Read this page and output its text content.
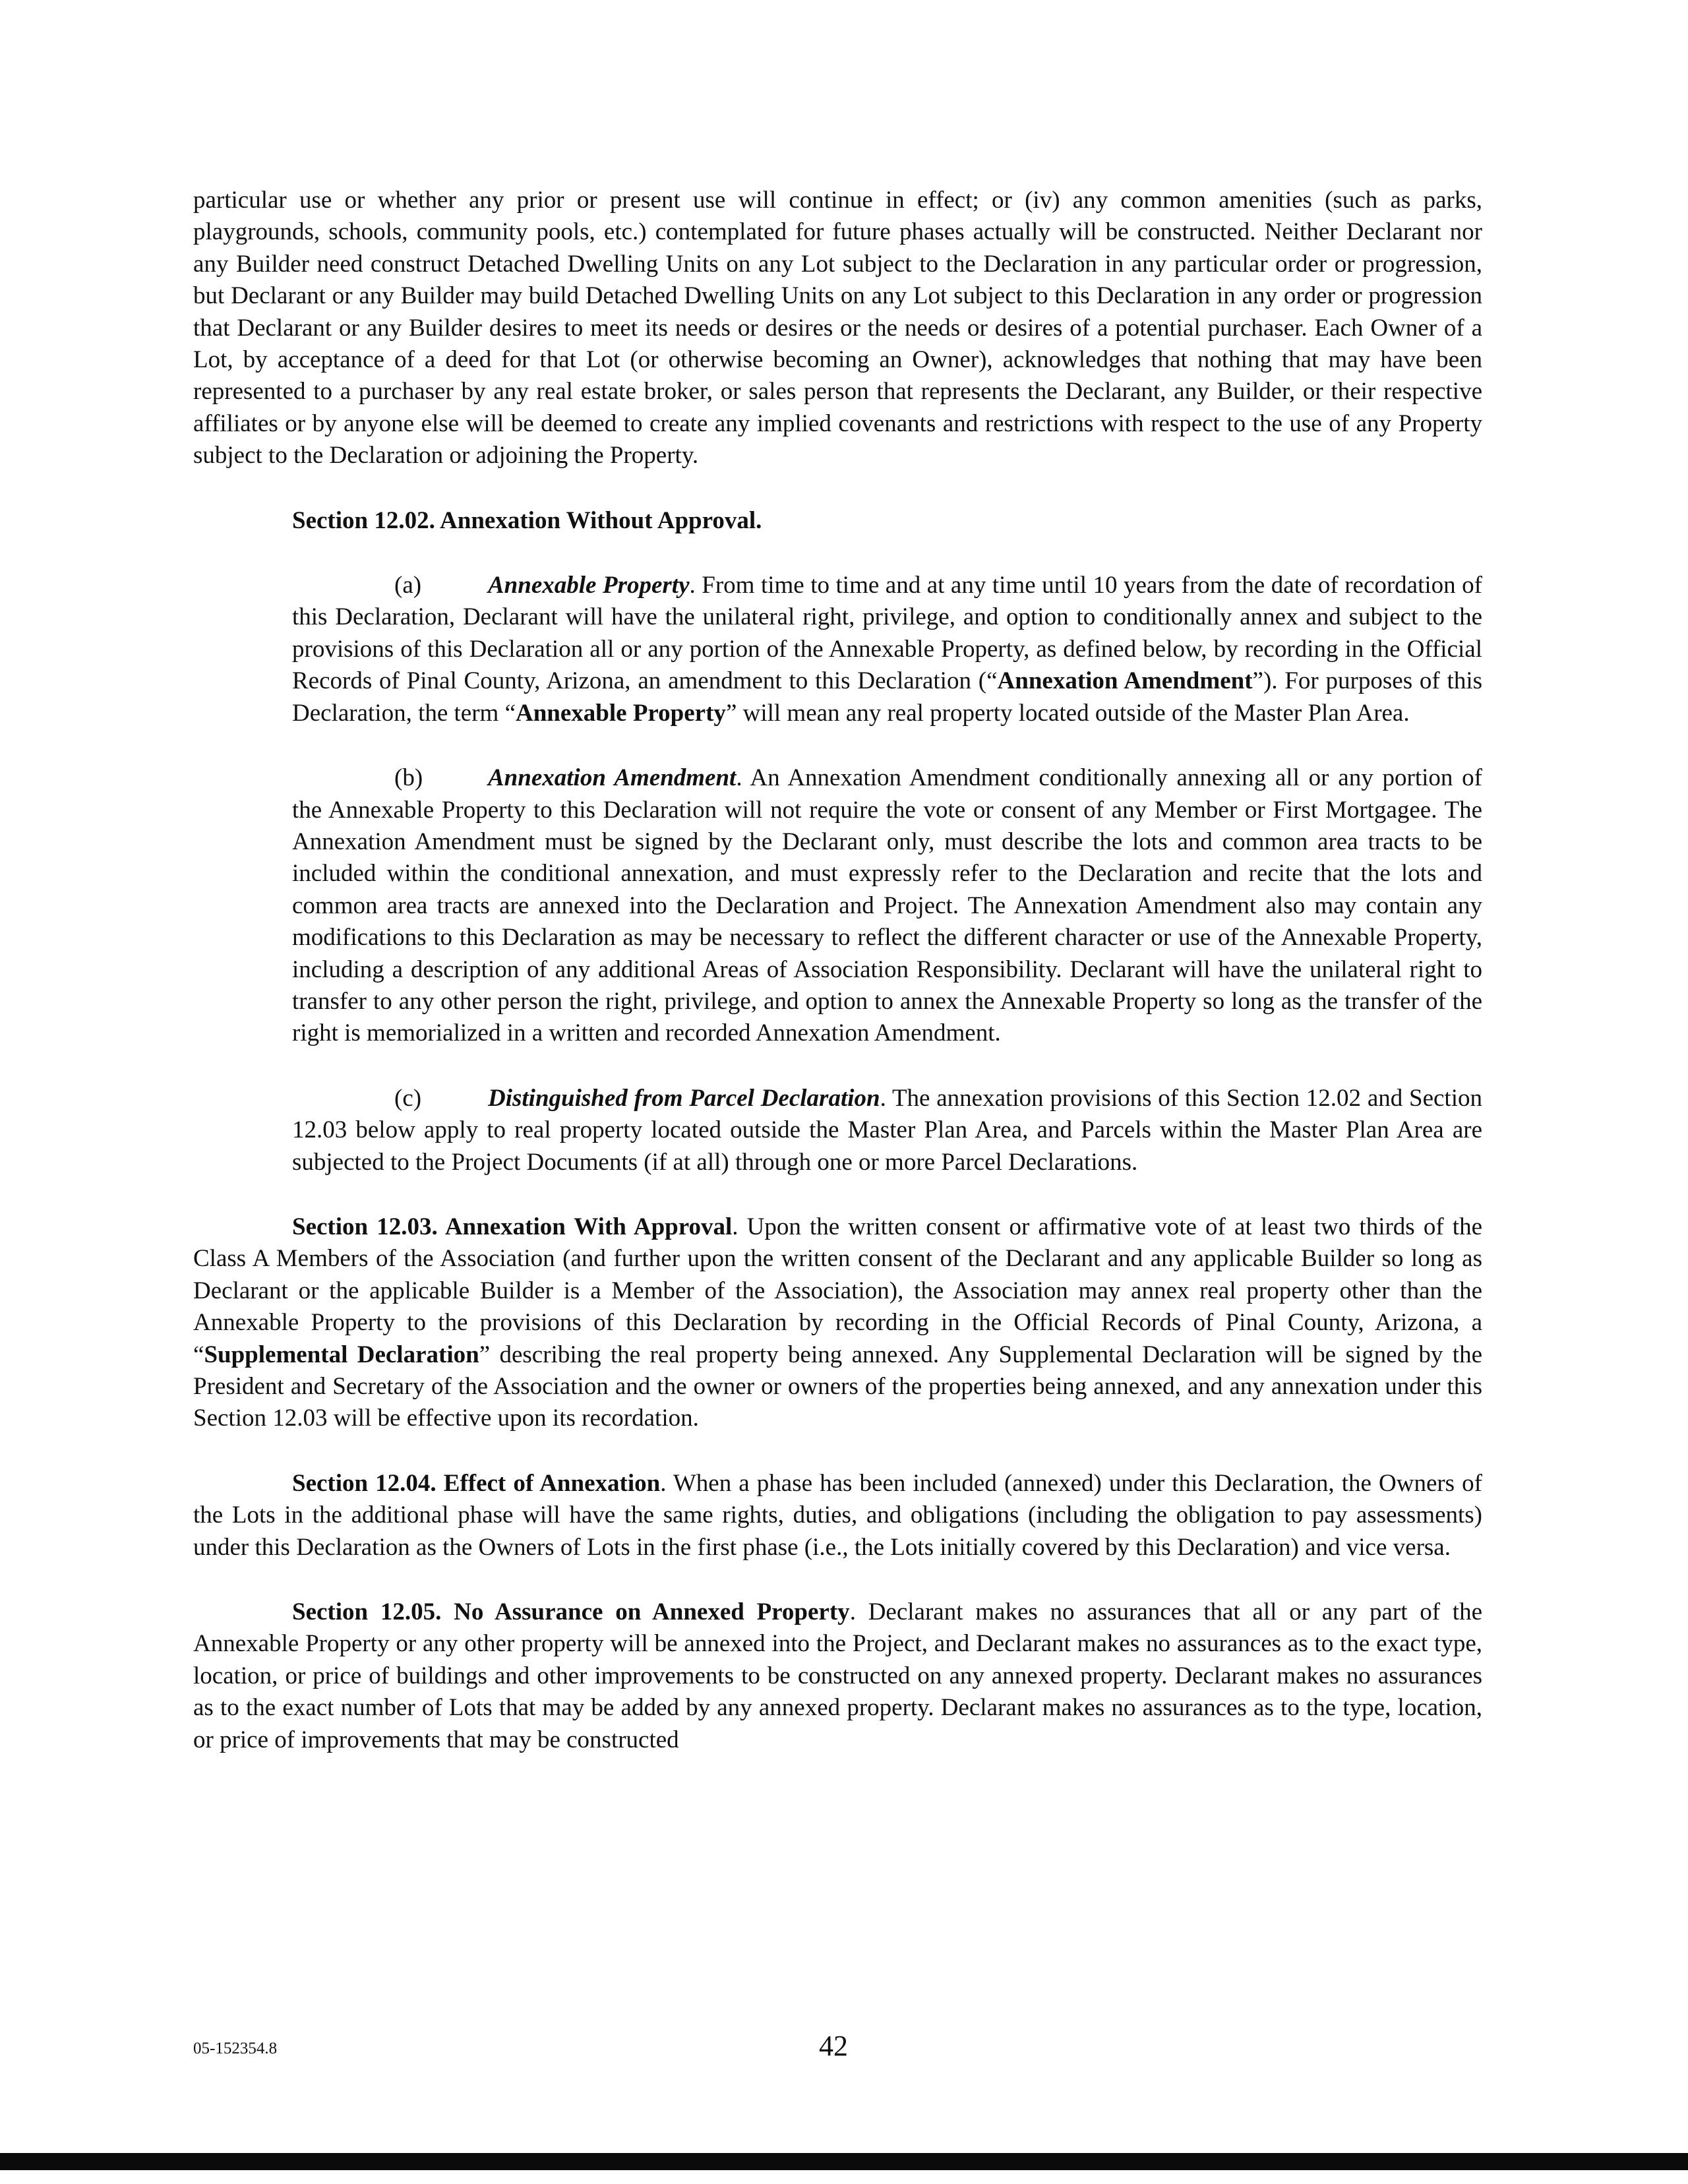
particular use or whether any prior or present use will continue in effect; or (iv) any common amenities (such as parks, playgrounds, schools, community pools, etc.) contemplated for future phases actually will be constructed. Neither Declarant nor any Builder need construct Detached Dwelling Units on any Lot subject to the Declaration in any particular order or progression, but Declarant or any Builder may build Detached Dwelling Units on any Lot subject to this Declaration in any order or progression that Declarant or any Builder desires to meet its needs or desires or the needs or desires of a potential purchaser. Each Owner of a Lot, by acceptance of a deed for that Lot (or otherwise becoming an Owner), acknowledges that nothing that may have been represented to a purchaser by any real estate broker, or sales person that represents the Declarant, any Builder, or their respective affiliates or by anyone else will be deemed to create any implied covenants and restrictions with respect to the use of any Property subject to the Declaration or adjoining the Property.

Section 12.02. Annexation Without Approval.

(a)	Annexable Property. From time to time and at any time until 10 years from the date of recordation of this Declaration, Declarant will have the unilateral right, privilege, and option to conditionally annex and subject to the provisions of this Declaration all or any portion of the Annexable Property, as defined below, by recording in the Official Records of Pinal County, Arizona, an amendment to this Declaration (“Annexation Amendment”). For purposes of this Declaration, the term “Annexable Property” will mean any real property located outside of the Master Plan Area.

(b)	Annexation Amendment. An Annexation Amendment conditionally annexing all or any portion of the Annexable Property to this Declaration will not require the vote or consent of any Member or First Mortgagee. The Annexation Amendment must be signed by the Declarant only, must describe the lots and common area tracts to be included within the conditional annexation, and must expressly refer to the Declaration and recite that the lots and common area tracts are annexed into the Declaration and Project. The Annexation Amendment also may contain any modifications to this Declaration as may be necessary to reflect the different character or use of the Annexable Property, including a description of any additional Areas of Association Responsibility. Declarant will have the unilateral right to transfer to any other person the right, privilege, and option to annex the Annexable Property so long as the transfer of the right is memorialized in a written and recorded Annexation Amendment.

(c)	Distinguished from Parcel Declaration. The annexation provisions of this Section 12.02 and Section 12.03 below apply to real property located outside the Master Plan Area, and Parcels within the Master Plan Area are subjected to the Project Documents (if at all) through one or more Parcel Declarations.

Section 12.03. Annexation With Approval. Upon the written consent or affirmative vote of at least two thirds of the Class A Members of the Association (and further upon the written consent of the Declarant and any applicable Builder so long as Declarant or the applicable Builder is a Member of the Association), the Association may annex real property other than the Annexable Property to the provisions of this Declaration by recording in the Official Records of Pinal County, Arizona, a “Supplemental Declaration” describing the real property being annexed. Any Supplemental Declaration will be signed by the President and Secretary of the Association and the owner or owners of the properties being annexed, and any annexation under this Section 12.03 will be effective upon its recordation.

Section 12.04. Effect of Annexation. When a phase has been included (annexed) under this Declaration, the Owners of the Lots in the additional phase will have the same rights, duties, and obligations (including the obligation to pay assessments) under this Declaration as the Owners of Lots in the first phase (i.e., the Lots initially covered by this Declaration) and vice versa.

Section 12.05. No Assurance on Annexed Property. Declarant makes no assurances that all or any part of the Annexable Property or any other property will be annexed into the Project, and Declarant makes no assurances as to the exact type, location, or price of buildings and other improvements to be constructed on any annexed property. Declarant makes no assurances as to the exact number of Lots that may be added by any annexed property. Declarant makes no assurances as to the type, location, or price of improvements that may be constructed

05-152354.8	42
